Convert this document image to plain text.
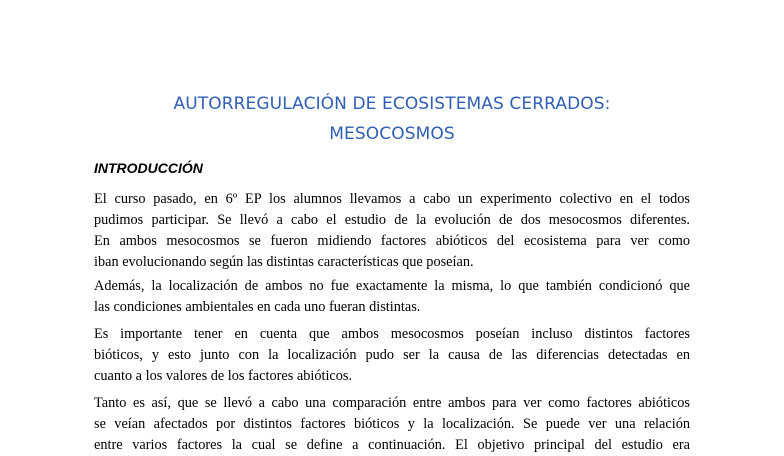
AUTORREGULACIÓN DE ECOSISTEMAS CERRADOS:
MESOCOSMOS
INTRODUCCIÓN

El curso pasado, en 6º EP los alumnos llevamos a cabo un experimento colectivo en el todos
pudimos participar. Se llevó a cabo el estudio de la evolución de dos mesocosmos diferentes.
En ambos mesocosmos se fueron midiendo factores abióticos del ecosistema para ver como
iban evolucionando según las distintas características que poseían.

Además, la localización de ambos no fue exactamente la misma, lo que también condicionó que
las condiciones ambientales en cada uno fueran distintas.

Es importante tener en cuenta que ambos mesocosmos poseían incluso distintos factores
bióticos, y esto junto con la localización pudo ser la causa de las diferencias detectadas en
cuanto a los valores de los factores abióticos.

Tanto es así, que se llevó a cabo una comparación entre ambos para ver como factores abióticos
se veían afectados por distintos factores bióticos y la localización. Se puede ver una relación
entre varios factores la cual se define a continuación. El objetivo principal del estudio era
